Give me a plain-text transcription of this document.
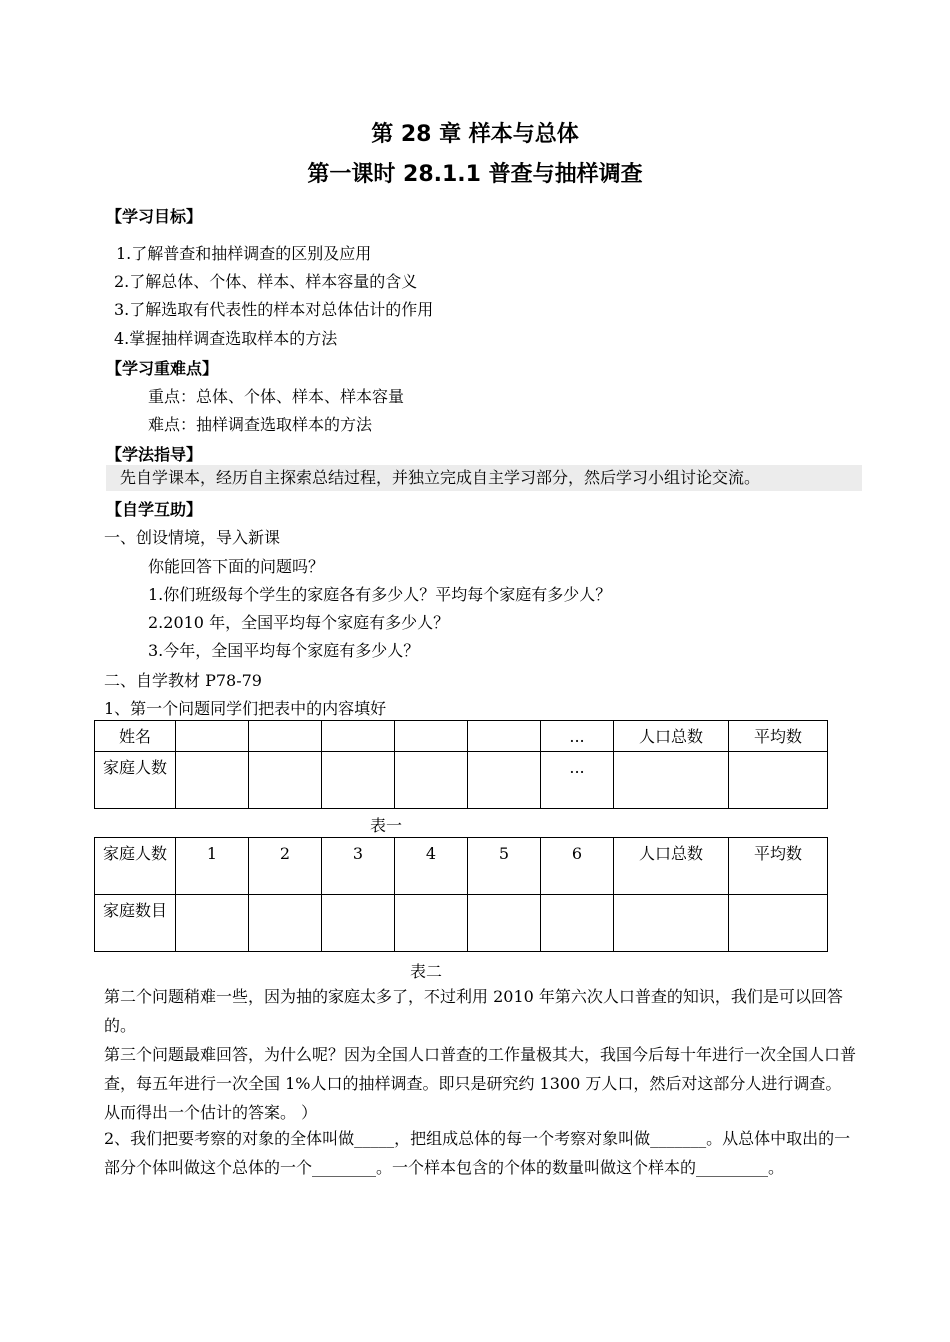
第 28 章 样本与总体
第一课时 28.1.1 普查与抽样调查
【学习目标】
1.了解普查和抽样调查的区别及应用
2.了解总体、个体、样本、样本容量的含义
3.了解选取有代表性的样本对总体估计的作用
4.掌握抽样调查选取样本的方法
【学习重难点】
重点：总体、个体、样本、样本容量
难点：抽样调查选取样本的方法
【学法指导】
先自学课本，经历自主探索总结过程，并独立完成自主学习部分，然后学习小组讨论交流。
【自学互助】
一、创设情境，导入新课
你能回答下面的问题吗？
1.你们班级每个学生的家庭各有多少人？平均每个家庭有多少人？
2.2010 年，全国平均每个家庭有多少人？
3.今年，全国平均每个家庭有多少人？
二、自学教材 P78-79
1、第一个问题同学们把表中的内容填好
姓名						...	人口总数	平均数
家庭人数						...		
表一
家庭人数	1	2	3	4	5	6	人口总数	平均数
家庭数目								
表二
第二个问题稍难一些，因为抽的家庭太多了，不过利用 2010 年第六次人口普查的知识，我们是可以回答的。
第三个问题最难回答，为什么呢？因为全国人口普查的工作量极其大，我国今后每十年进行一次全国人口普查，每五年进行一次全国 1%人口的抽样调查。即只是研究约 1300 万人口，然后对这部分人进行调查。从而得出一个估计的答案。 ）
2、我们把要考察的对象的全体叫做_____，把组成总体的每一个考察对象叫做_______。从总体中取出的一部分个体叫做这个总体的一个________。一个样本包含的个体的数量叫做这个样本的_________。
